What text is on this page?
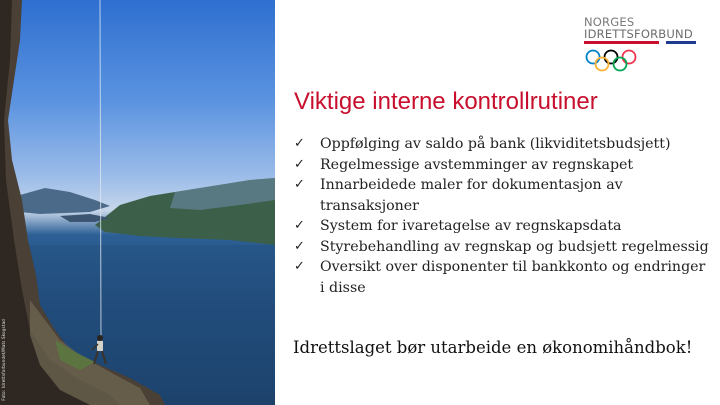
Foto: Idrettsforbundet/Mats Skogstad
NORGES
IDRETTSFORBUND
Viktige interne kontrollrutiner
✓	Oppfølging av saldo på bank (likviditetsbudsjett)
✓	Regelmessige avstemminger av regnskapet
✓	Innarbeidede maler for dokumentasjon av transaksjoner
✓	System for ivaretagelse av regnskapsdata
✓	Styrebehandling av regnskap og budsjett regelmessig
✓	Oversikt over disponenter til bankkonto og endringer i disse
Idrettslaget bør utarbeide en økonomihåndbok!
